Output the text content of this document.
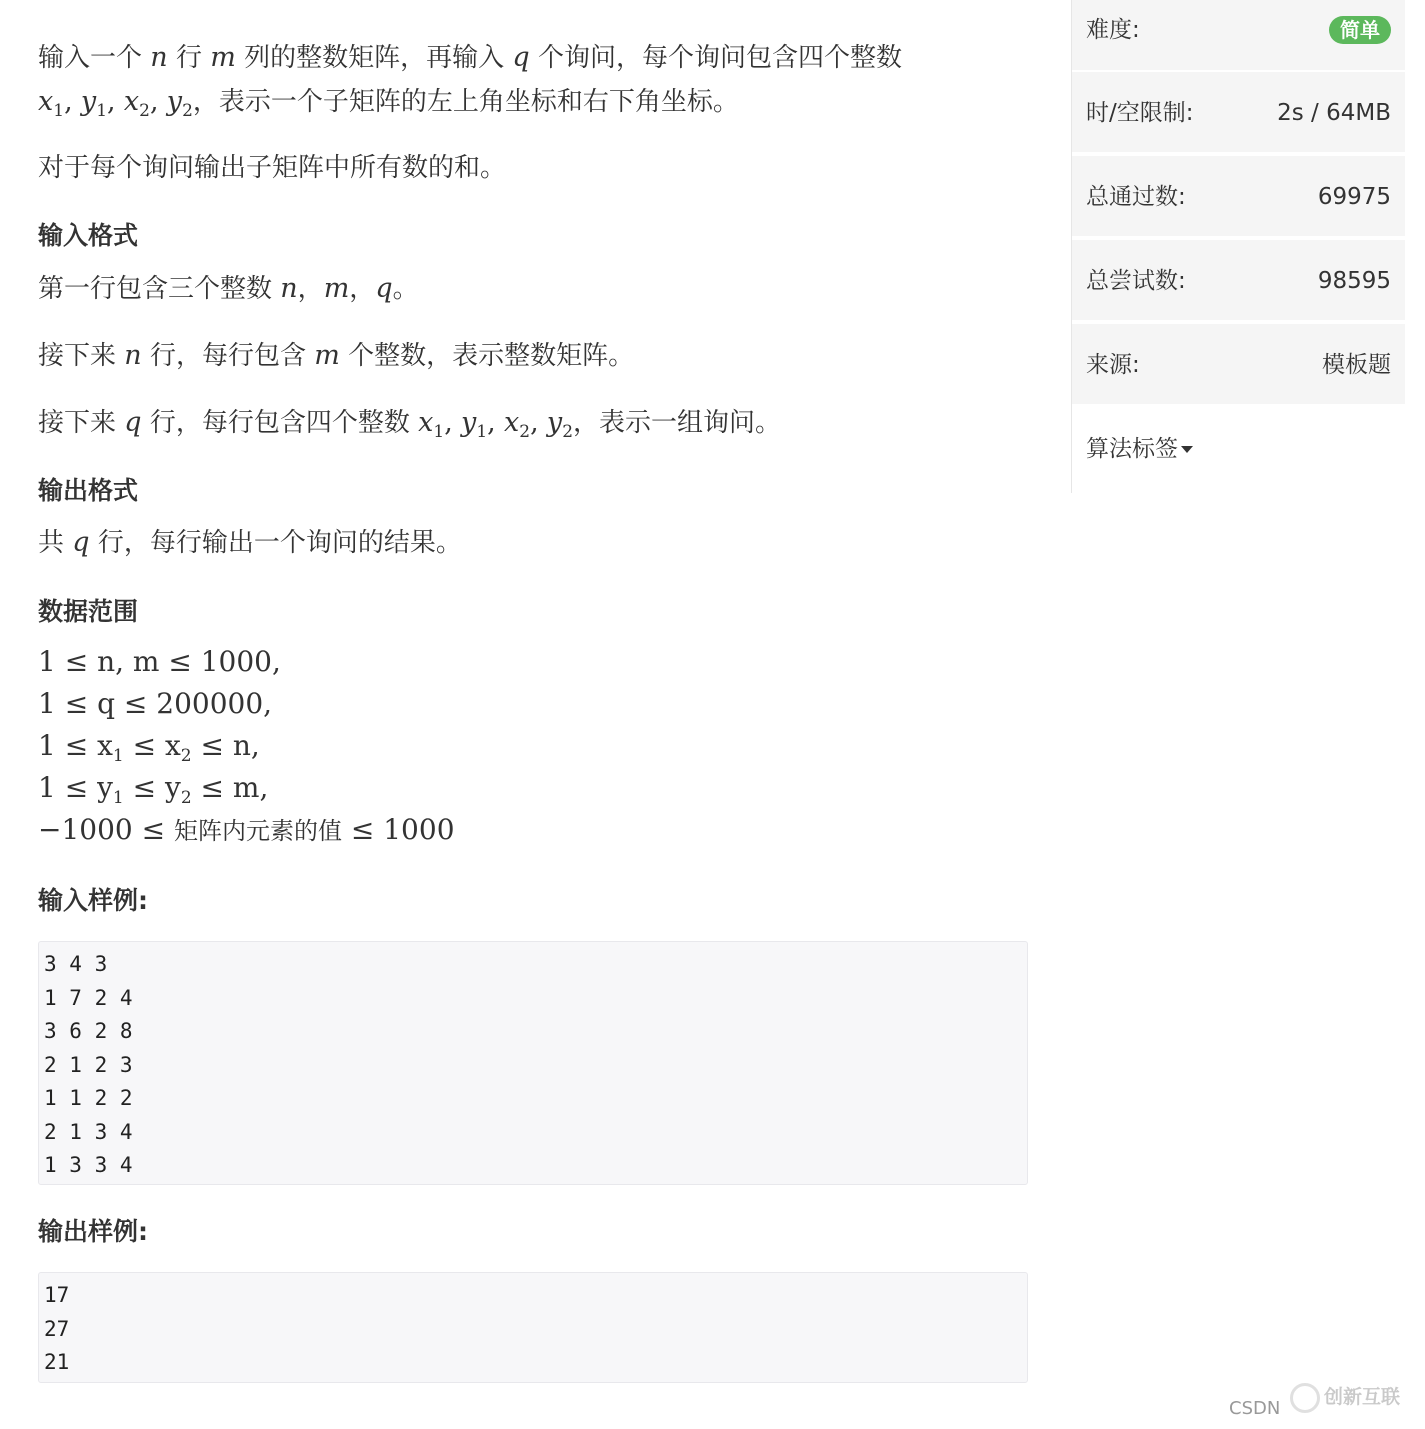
输入一个 n 行 m 列的整数矩阵，再输入 q 个询问，每个询问包含四个整数

$x_1$, $y_1$, $x_2$, $y_2$，表示一个子矩阵的左上角坐标和右下角坐标。

对于每个询问输出子矩阵中所有数的和。

输入格式

第一行包含三个整数 n，m，q。

接下来 n 行，每行包含 m 个整数，表示整数矩阵。

接下来 q 行，每行包含四个整数 $x_1$, $y_1$, $x_2$, $y_2$，表示一组询问。

输出格式

共 q 行，每行输出一个询问的结果。

数据范围

1 ≤ n, m ≤ 1000,
1 ≤ q ≤ 200000,
$1 \le x_1 \le x_2 \le n$,
$1 \le y_1 \le y_2 \le m$,
−1000 ≤ 矩阵内元素的值 ≤ 1000

输入样例:

3 4 3
1 7 2 4
3 6 2 8
2 1 2 3
1 1 2 2
2 1 3 4
1 3 3 4

输出样例:

17
27
21
难度:	简单
时/空限制:	2s / 64MB
总通过数:	69975
总尝试数:	98595
来源:	模板题
算法标签
CSDN
创新互联
